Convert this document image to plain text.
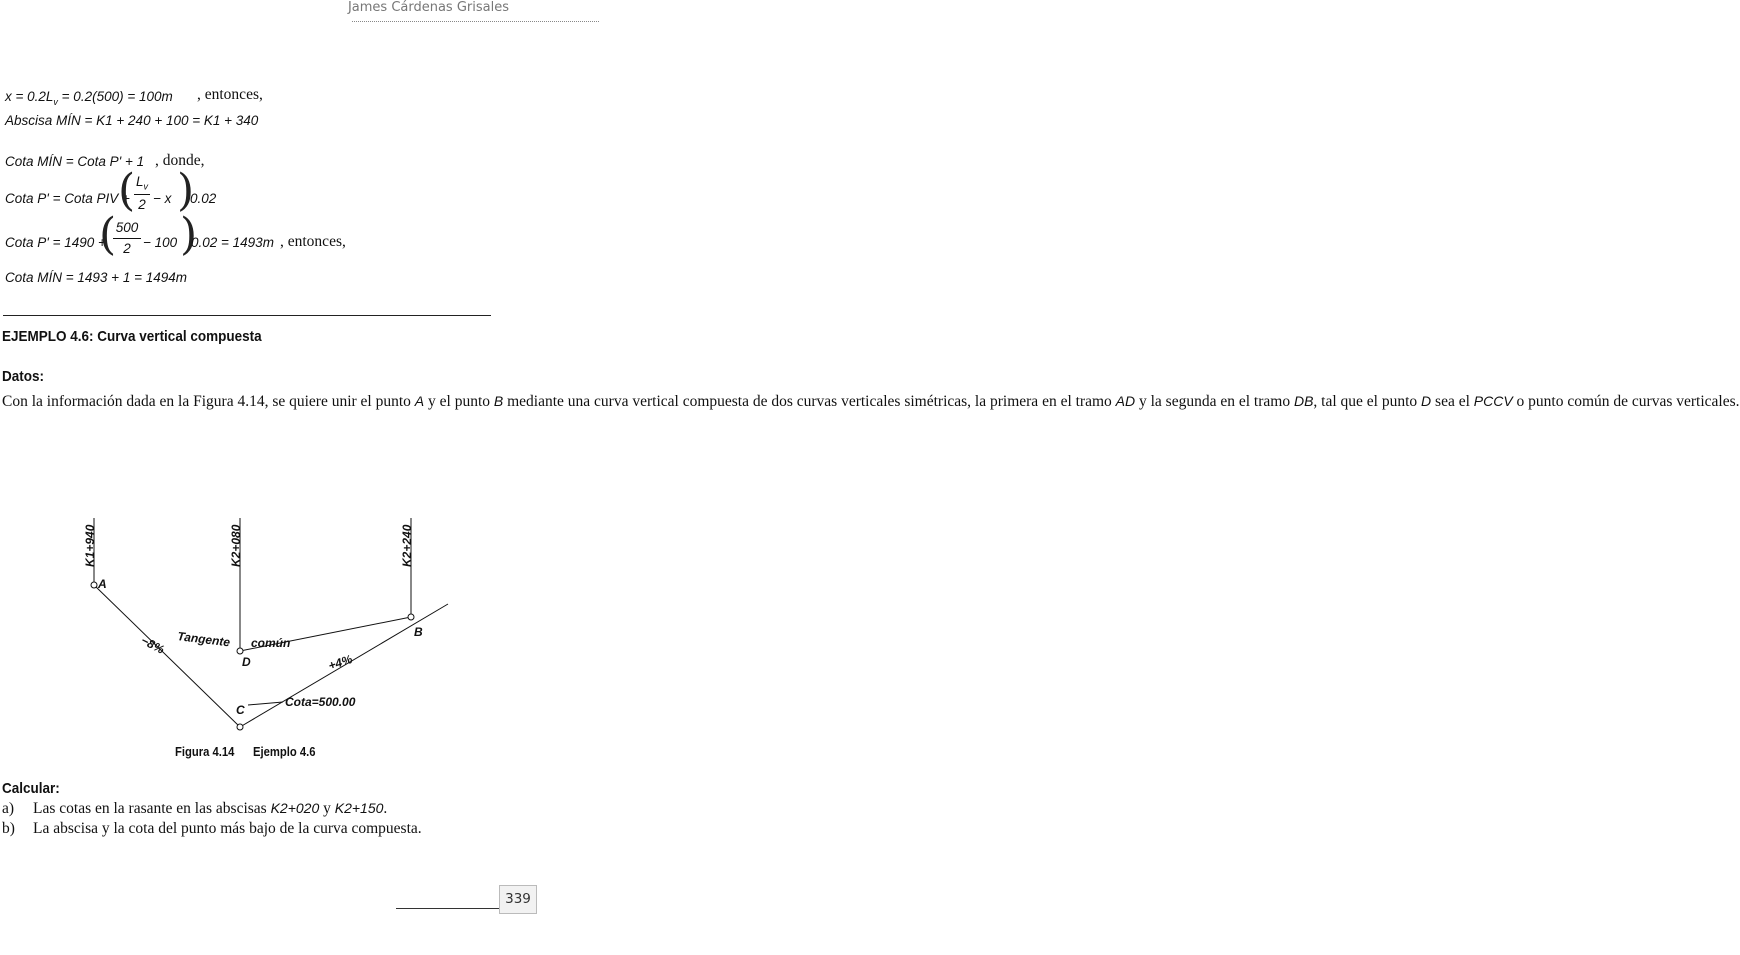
James Cárdenas Grisales
$x = 0.2L_v = 0.2(500) = 100m$ , entonces,
Abscisa MÍN = K1 + 240 + 100 = K1 + 340
Cota MÍN = Cota P' + 1 , donde,
Cota P' = Cota PIV +
( $L_v$
2 − x )
0.02
Cota P' = 1490 +
( 500
2 − 100 )
0.02 = 1493m , entonces,
Cota MÍN = 1493 + 1 = 1494m
EJEMPLO 4.6: Curva vertical compuesta
Datos:
Con la información dada en la Figura 4.14, se quiere unir el punto A y el punto B mediante una curva vertical compuesta de dos curvas verticales simétricas, la primera en el tramo AD y la segunda en el tramo DB, tal que el punto D sea el PCCV o punto común de curvas verticales.
K1+940	K2+080	K2+240
A
B
C
D
−8%
+4%
Tangente común
Cota=500.00
Figura 4.14 Ejemplo 4.6
Calcular:
a) Las cotas en la rasante en las abscisas K2+020 y K2+150.
b) La abscisa y la cota del punto más bajo de la curva compuesta.
339
